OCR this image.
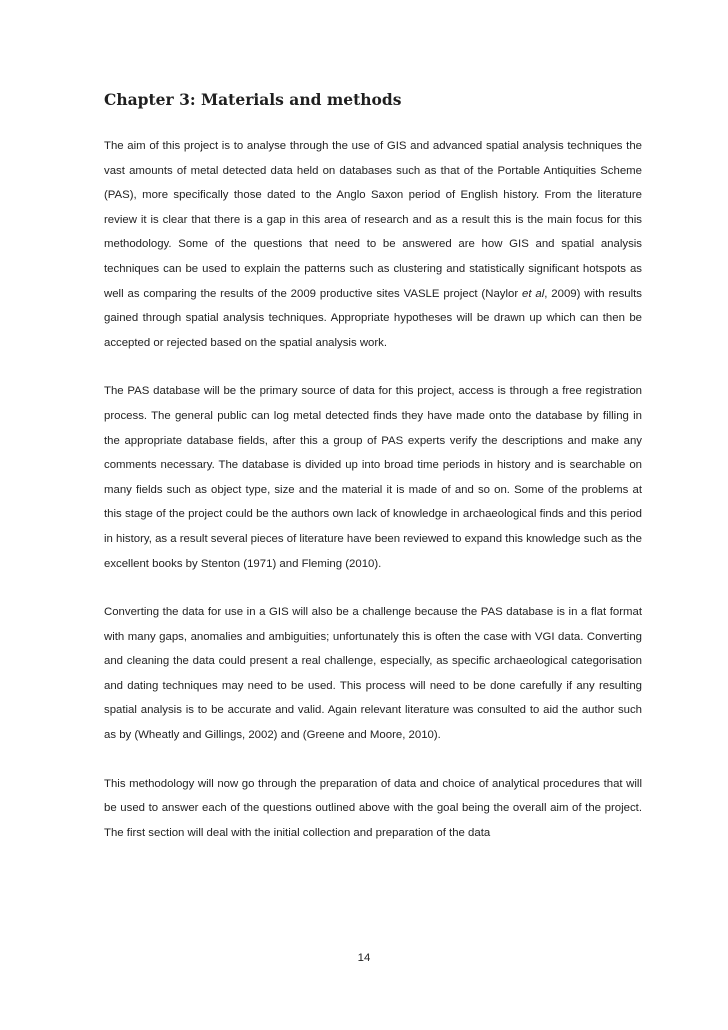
Chapter 3: Materials and methods

The aim of this project is to analyse through the use of GIS and advanced spatial analysis techniques the vast amounts of metal detected data held on databases such as that of the Portable Antiquities Scheme (PAS), more specifically those dated to the Anglo Saxon period of English history. From the literature review it is clear that there is a gap in this area of research and as a result this is the main focus for this methodology. Some of the questions that need to be answered are how GIS and spatial analysis techniques can be used to explain the patterns such as clustering and statistically significant hotspots as well as comparing the results of the 2009 productive sites VASLE project (Naylor et al, 2009) with results gained through spatial analysis techniques. Appropriate hypotheses will be drawn up which can then be accepted or rejected based on the spatial analysis work.

The PAS database will be the primary source of data for this project, access is through a free registration process. The general public can log metal detected finds they have made onto the database by filling in the appropriate database fields, after this a group of PAS experts verify the descriptions and make any comments necessary. The database is divided up into broad time periods in history and is searchable on many fields such as object type, size and the material it is made of and so on. Some of the problems at this stage of the project could be the authors own lack of knowledge in archaeological finds and this period in history, as a result several pieces of literature have been reviewed to expand this knowledge such as the excellent books by Stenton (1971) and Fleming (2010).

Converting the data for use in a GIS will also be a challenge because the PAS database is in a flat format with many gaps, anomalies and ambiguities; unfortunately this is often the case with VGI data. Converting and cleaning the data could present a real challenge, especially, as specific archaeological categorisation and dating techniques may need to be used. This process will need to be done carefully if any resulting spatial analysis is to be accurate and valid. Again relevant literature was consulted to aid the author such as by (Wheatly and Gillings, 2002) and (Greene and Moore, 2010).

This methodology will now go through the preparation of data and choice of analytical procedures that will be used to answer each of the questions outlined above with the goal being the overall aim of the project. The first section will deal with the initial collection and preparation of the data

14
